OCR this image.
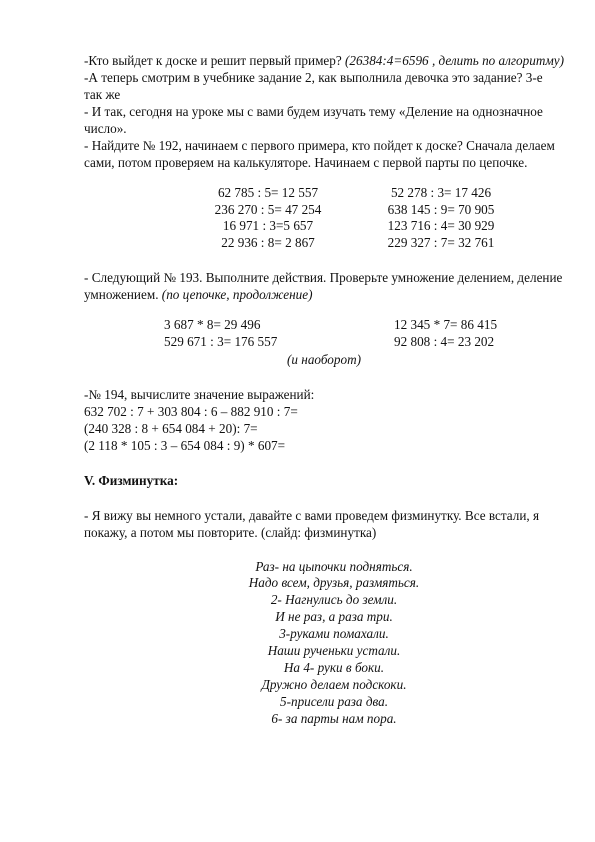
-Кто выйдет к доске и решит первый пример? (26384:4=6596 , делить по алгоритму)

-А теперь смотрим в учебнике задание 2, как выполнила девочка это задание? 3-е так же

- И так, сегодня на уроке мы с вами будем изучать тему «Деление на однозначное число».

- Найдите № 192, начинаем с первого примера, кто пойдет к доске? Сначала делаем сами, потом проверяем на калькуляторе. Начинаем с первой парты по цепочке.

62 785 : 5= 12 557	52 278 : 3= 17 426
236 270 : 5= 47 254	638 145 : 9= 70 905
16 971 : 3=5 657	123 716 : 4= 30 929
22 936 : 8= 2 867	229 327 : 7= 32 761

- Следующий № 193. Выполните действия. Проверьте умножение делением, деление умножением. (по цепочке, продолжение)

3 687 * 8= 29 496	12 345 * 7= 86 415
529 671 : 3= 176 557	92 808 : 4= 23 202

(и наоборот)

-№ 194, вычислите значение выражений:

632 702 : 7 + 303 804 : 6 – 882 910 : 7=

(240 328 : 8 + 654 084 + 20): 7=

(2 118 * 105 : 3 – 654 084 : 9) * 607=

V. Физминутка:

- Я вижу вы немного устали, давайте с вами проведем физминутку. Все встали, я покажу, а потом мы повторите. (слайд: физминутка)

Раз- на цыпочки подняться.
Надо всем, друзья, размяться.
2- Нагнулись до земли.
И не раз, а раза три.
3-руками помахали.
Наши рученьки устали.
На 4- руки в боки.
Дружно делаем подскоки.
5-присели раза два.
6- за парты нам пора.
